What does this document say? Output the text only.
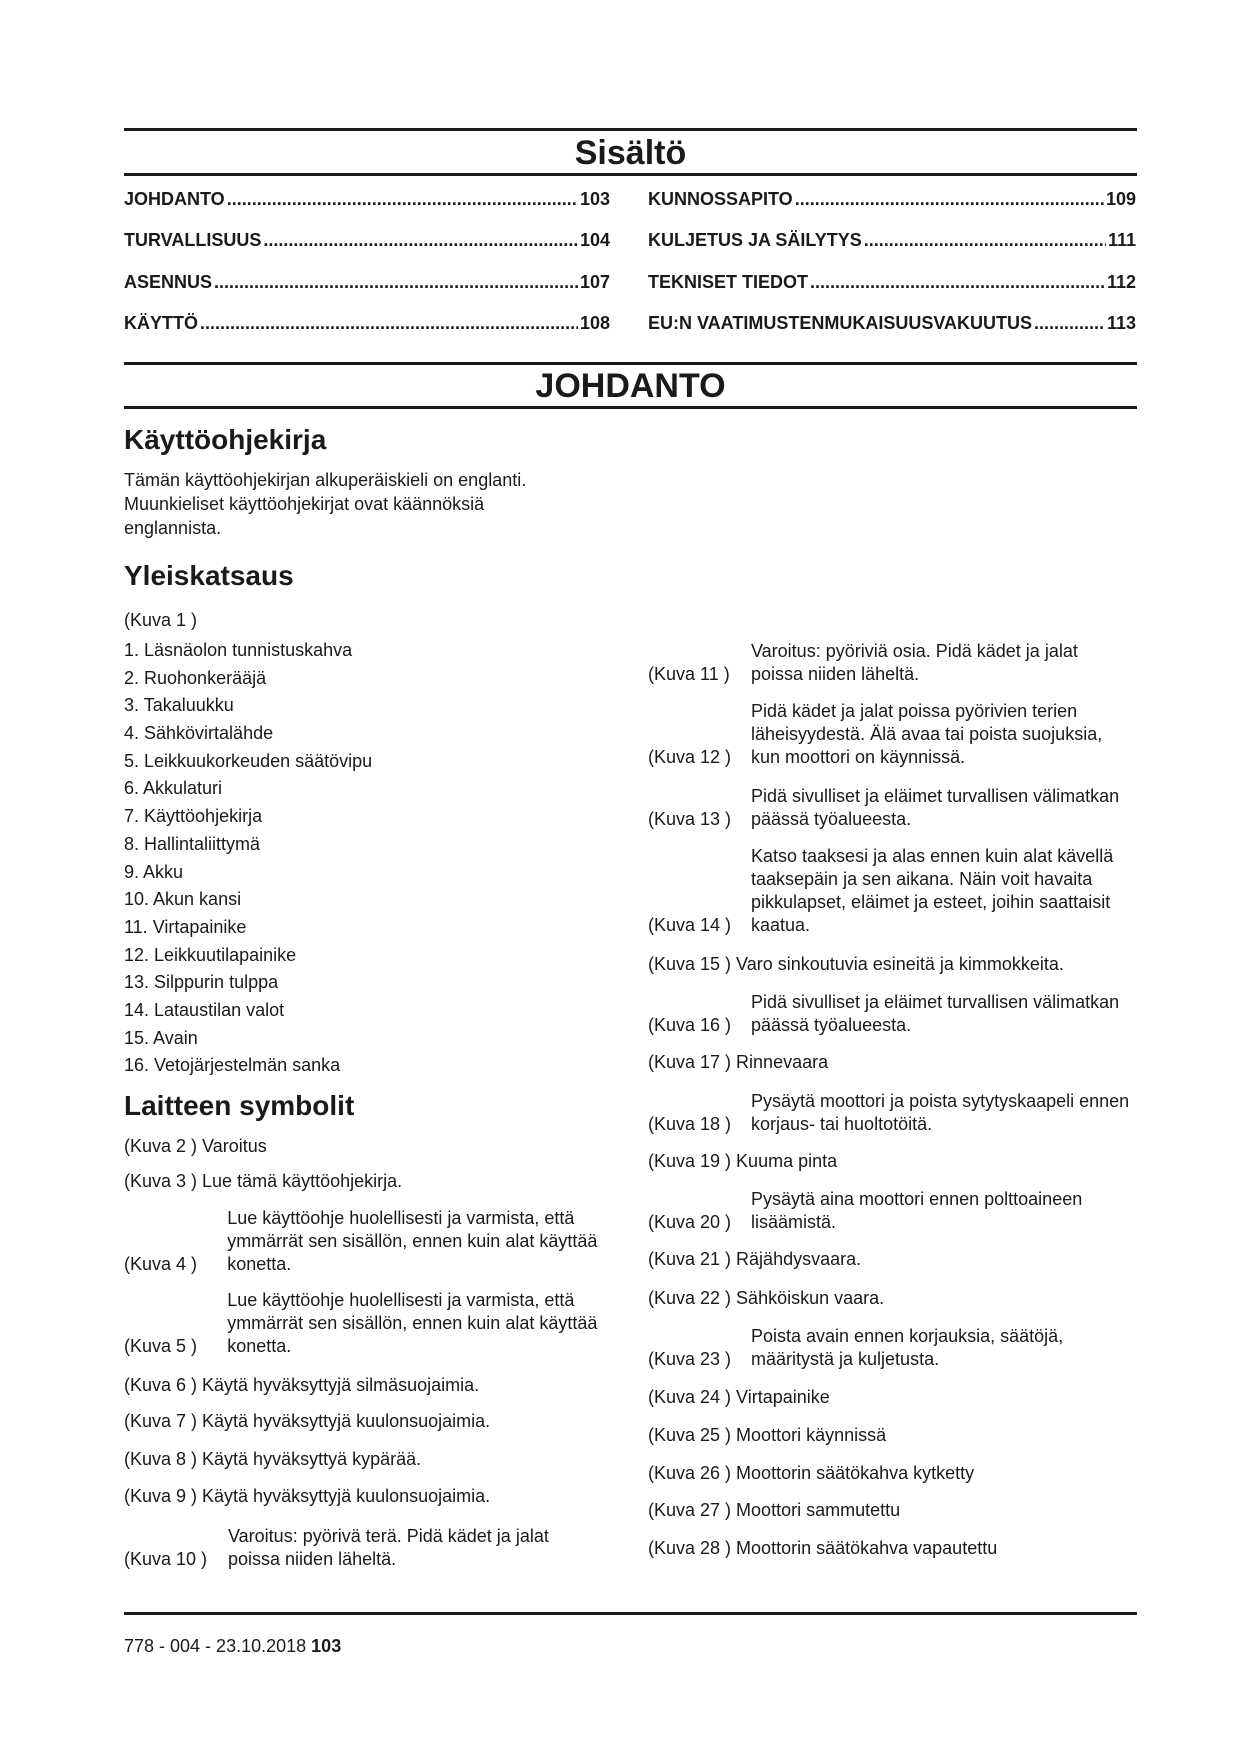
Sisältö
JOHDANTO .....	103
TURVALLISUUS .....	104
ASENNUS .....	107
KÄYTTÖ .....	108
KUNNOSSAPITO .....	109
KULJETUS JA SÄILYTYS .....	111
TEKNISET TIEDOT .....	112
EU:N VAATIMUSTENMUKAISUUSVAKUUTUS .....	113
JOHDANTO
Käyttöohjekirja
Tämän käyttöohjekirjan alkuperäiskieli on englanti. Muunkieliset käyttöohjekirjat ovat käännöksiä englannista.
Yleiskatsaus
(Kuva 1 )
1. Läsnäolon tunnistuskahva
2. Ruohonkerääjä
3. Takaluukku
4. Sähkövirtalähde
5. Leikkuukorkeuden säätövipu
6. Akkulaturi
7. Käyttöohjekirja
8. Hallintaliittymä
9. Akku
10. Akun kansi
11. Virtapainike
12. Leikkuutilapainike
13. Silppurin tulppa
14. Lataustilan valot
15. Avain
16. Vetojärjestelmän sanka
Laitteen symbolit
(Kuva 2 ) Varoitus
(Kuva 3 ) Lue tämä käyttöohjekirja.
(Kuva 4 )
Lue käyttöohje huolellisesti ja varmista, että ymmärrät sen sisällön, ennen kuin alat käyttää konetta.
(Kuva 5 )
Lue käyttöohje huolellisesti ja varmista, että ymmärrät sen sisällön, ennen kuin alat käyttää konetta.
(Kuva 6 ) Käytä hyväksyttyjä silmäsuojaimia.
(Kuva 7 ) Käytä hyväksyttyjä kuulonsuojaimia.
(Kuva 8 ) Käytä hyväksyttyä kypärää.
(Kuva 9 ) Käytä hyväksyttyjä kuulonsuojaimia.
(Kuva 10 )
Varoitus: pyörivä terä. Pidä kädet ja jalat poissa niiden läheltä.
(Kuva 11 )
Varoitus: pyöriviä osia. Pidä kädet ja jalat poissa niiden läheltä.
(Kuva 12 )
Pidä kädet ja jalat poissa pyörivien terien läheisyydestä. Älä avaa tai poista suojuksia, kun moottori on käynnissä.
(Kuva 13 )
Pidä sivulliset ja eläimet turvallisen välimatkan päässä työalueesta.
(Kuva 14 )
Katso taaksesi ja alas ennen kuin alat kävellä taaksepäin ja sen aikana. Näin voit havaita pikkulapset, eläimet ja esteet, joihin saattaisit kaatua.
(Kuva 15 ) Varo sinkoutuvia esineitä ja kimmokkeita.
(Kuva 16 )
Pidä sivulliset ja eläimet turvallisen välimatkan päässä työalueesta.
(Kuva 17 ) Rinnevaara
(Kuva 18 )
Pysäytä moottori ja poista sytytyskaapeli ennen korjaus- tai huoltotöitä.
(Kuva 19 ) Kuuma pinta
(Kuva 20 )
Pysäytä aina moottori ennen polttoaineen lisäämistä.
(Kuva 21 ) Räjähdysvaara.
(Kuva 22 ) Sähköiskun vaara.
(Kuva 23 )
Poista avain ennen korjauksia, säätöjä, määritystä ja kuljetusta.
(Kuva 24 ) Virtapainike
(Kuva 25 ) Moottori käynnissä
(Kuva 26 ) Moottorin säätökahva kytketty
(Kuva 27 ) Moottori sammutettu
(Kuva 28 ) Moottorin säätökahva vapautettu
778 - 004 - 23.10.2018 103
